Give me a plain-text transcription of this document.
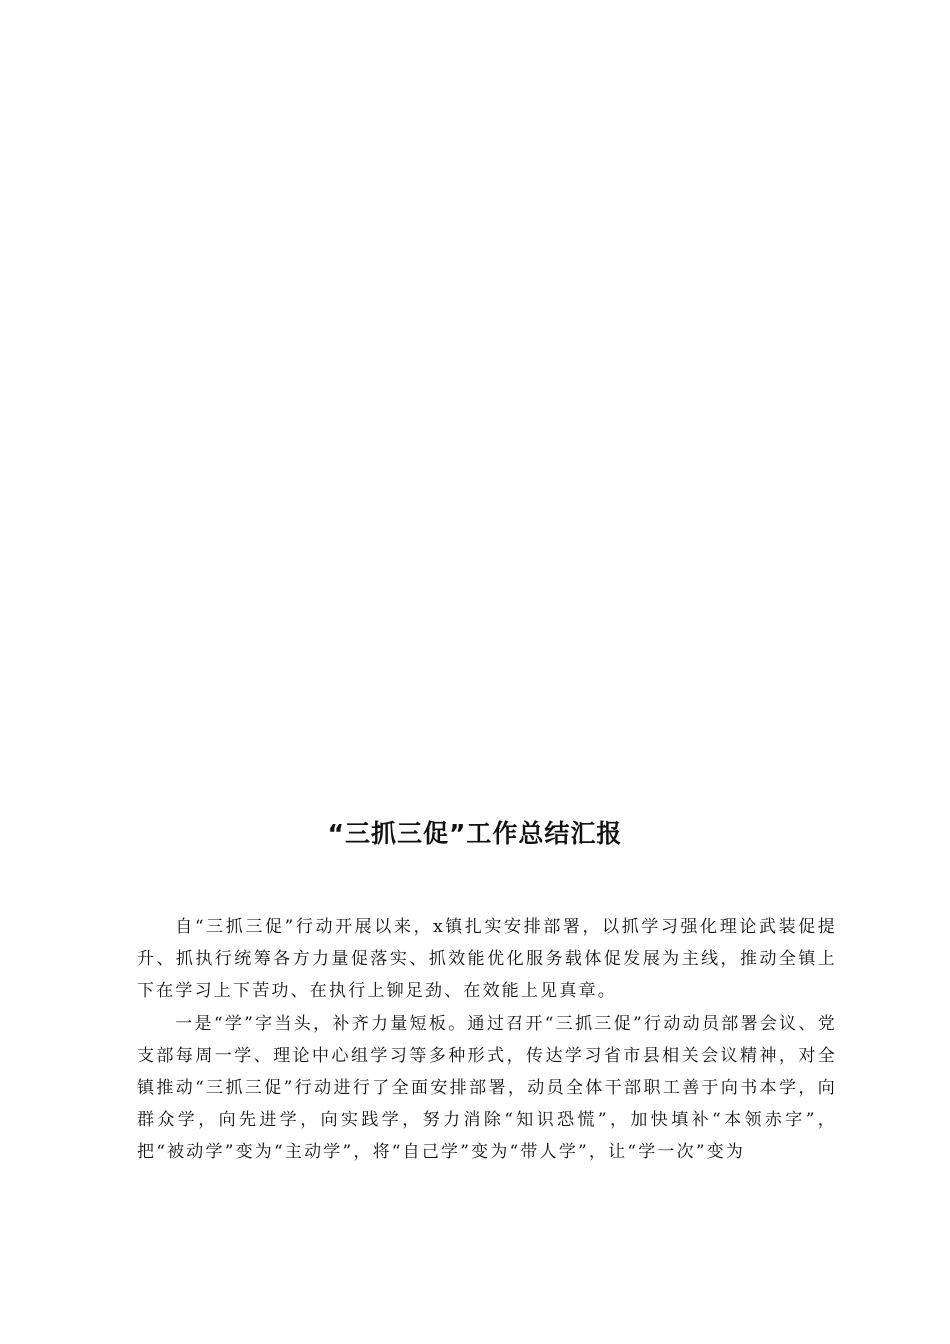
“三抓三促”工作总结汇报

自“三抓三促”行动开展以来，x镇扎实安排部署，以抓学习强化理论武装促提升、抓执行统筹各方力量促落实、抓效能优化服务载体促发展为主线，推动全镇上下在学习上下苦功、在执行上铆足劲、在效能上见真章。

一是“学”字当头，补齐力量短板。通过召开“三抓三促”行动动员部署会议、党支部每周一学、理论中心组学习等多种形式，传达学习省市县相关会议精神，对全镇推动“三抓三促”行动进行了全面安排部署，动员全体干部职工善于向书本学，向群众学，向先进学，向实践学，努力消除“知识恐慌”，加快填补“本领赤字”，把“被动学”变为“主动学”，将“自己学”变为“带人学”，让“学一次”变为
